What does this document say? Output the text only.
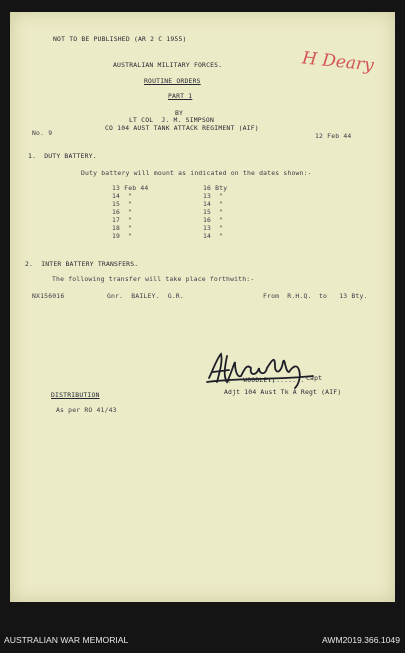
NOT TO BE PUBLISHED (AR 2 C 1955)
H Deary
AUSTRALIAN MILITARY FORCES.
ROUTINE ORDERS
PART 1
BY
LT COL  J. M. SIMPSON
CO 104 AUST TANK ATTACK REGIMENT (AIF)
No. 9	12 Feb 44
1.  DUTY BATTERY.
Duty battery will mount as indicated on the dates shown:-
13 Feb 44	16 Bty
14  "	13  "
15  "	14  "
16  "	15  "
17  "	16  "
18  "	13  "
19  "	14  "
2.  INTER BATTERY TRANSFERS.
The following transfer will take place forthwith:-
NX156016	Gnr.  BAILEY.  G.R.	From  R.H.Q. to   13 Bty.
(   WOODLEY)
......... Capt
Adjt 104 Aust Tk A Regt (AIF)
DISTRIBUTION
As per RO 41/43
AUSTRALIAN WAR MEMORIAL	AWM2019.366.1049
